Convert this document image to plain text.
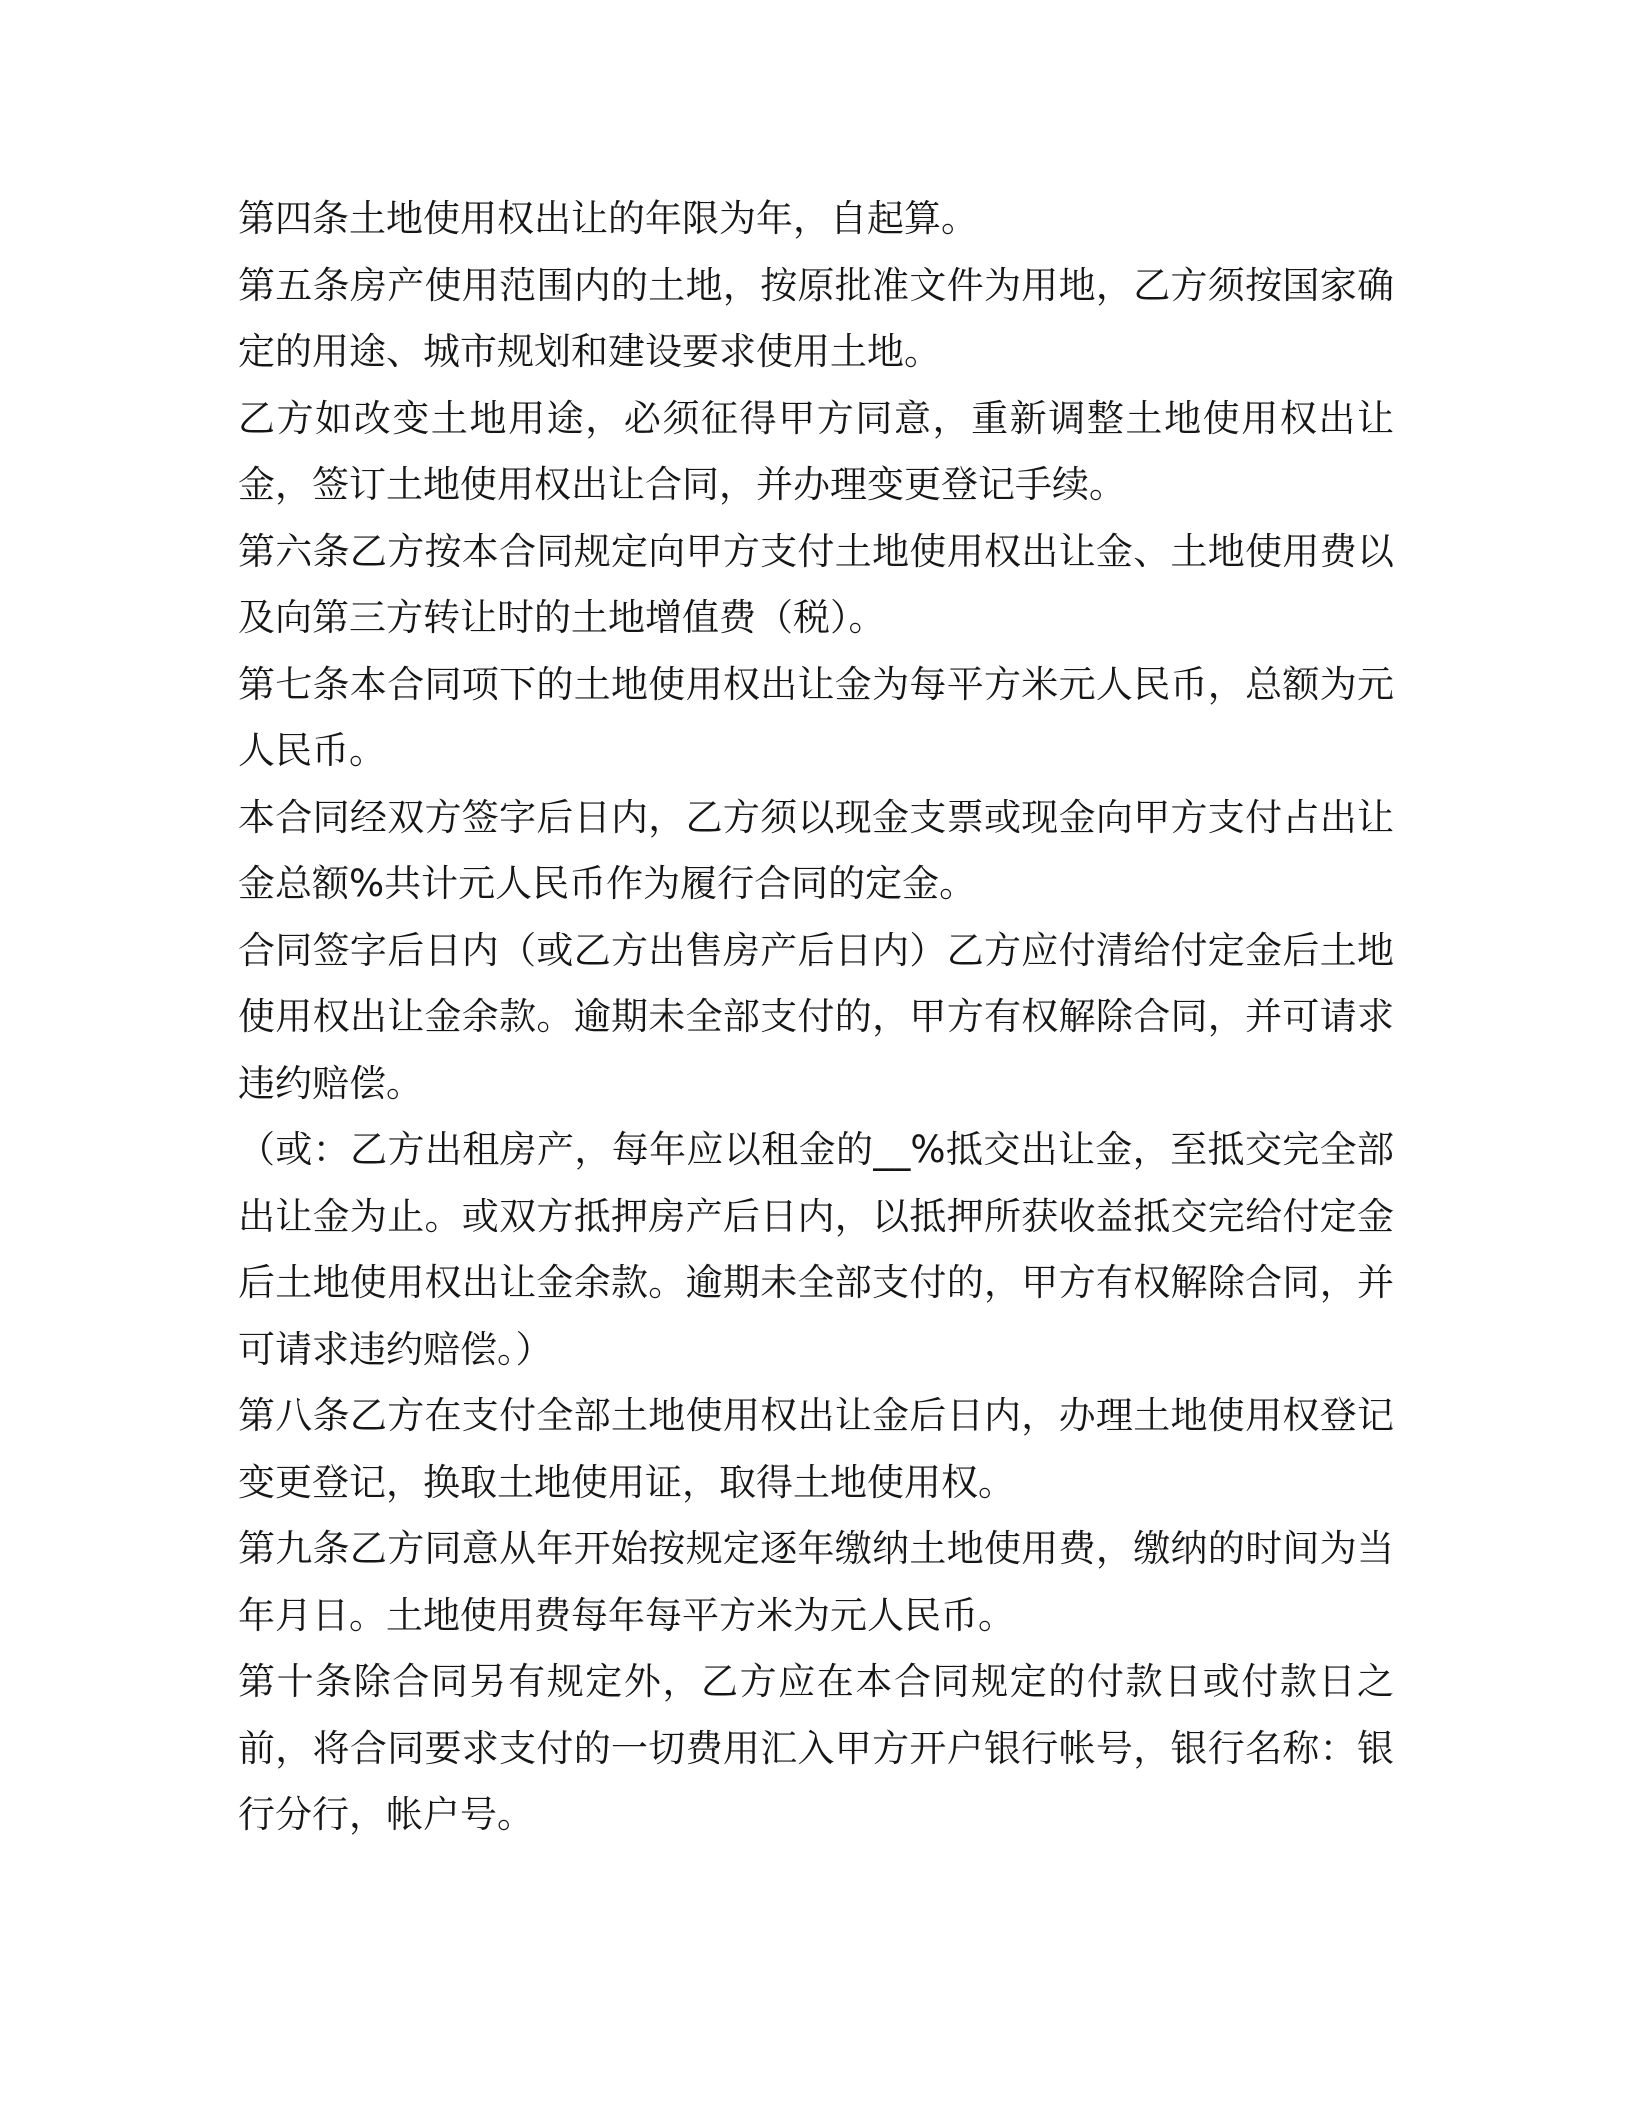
第四条土地使用权出让的年限为年，自起算。

第五条房产使用范围内的土地，按原批准文件为用地，乙方须按国家确定的用途、城市规划和建设要求使用土地。

乙方如改变土地用途，必须征得甲方同意，重新调整土地使用权出让金，签订土地使用权出让合同，并办理变更登记手续。

第六条乙方按本合同规定向甲方支付土地使用权出让金、土地使用费以及向第三方转让时的土地增值费（税）。

第七条本合同项下的土地使用权出让金为每平方米元人民币，总额为元人民币。

本合同经双方签字后日内，乙方须以现金支票或现金向甲方支付占出让金总额%共计元人民币作为履行合同的定金。

合同签字后日内（或乙方出售房产后日内）乙方应付清给付定金后土地使用权出让金余款。逾期未全部支付的，甲方有权解除合同，并可请求违约赔偿。

（或：乙方出租房产，每年应以租金的__%抵交出让金，至抵交完全部出让金为止。或双方抵押房产后日内，以抵押所获收益抵交完给付定金后土地使用权出让金余款。逾期未全部支付的，甲方有权解除合同，并可请求违约赔偿。）

第八条乙方在支付全部土地使用权出让金后日内，办理土地使用权登记变更登记，换取土地使用证，取得土地使用权。

第九条乙方同意从年开始按规定逐年缴纳土地使用费，缴纳的时间为当年月日。土地使用费每年每平方米为元人民币。

第十条除合同另有规定外，乙方应在本合同规定的付款日或付款日之前，将合同要求支付的一切费用汇入甲方开户银行帐号，银行名称：银行分行，帐户号。
